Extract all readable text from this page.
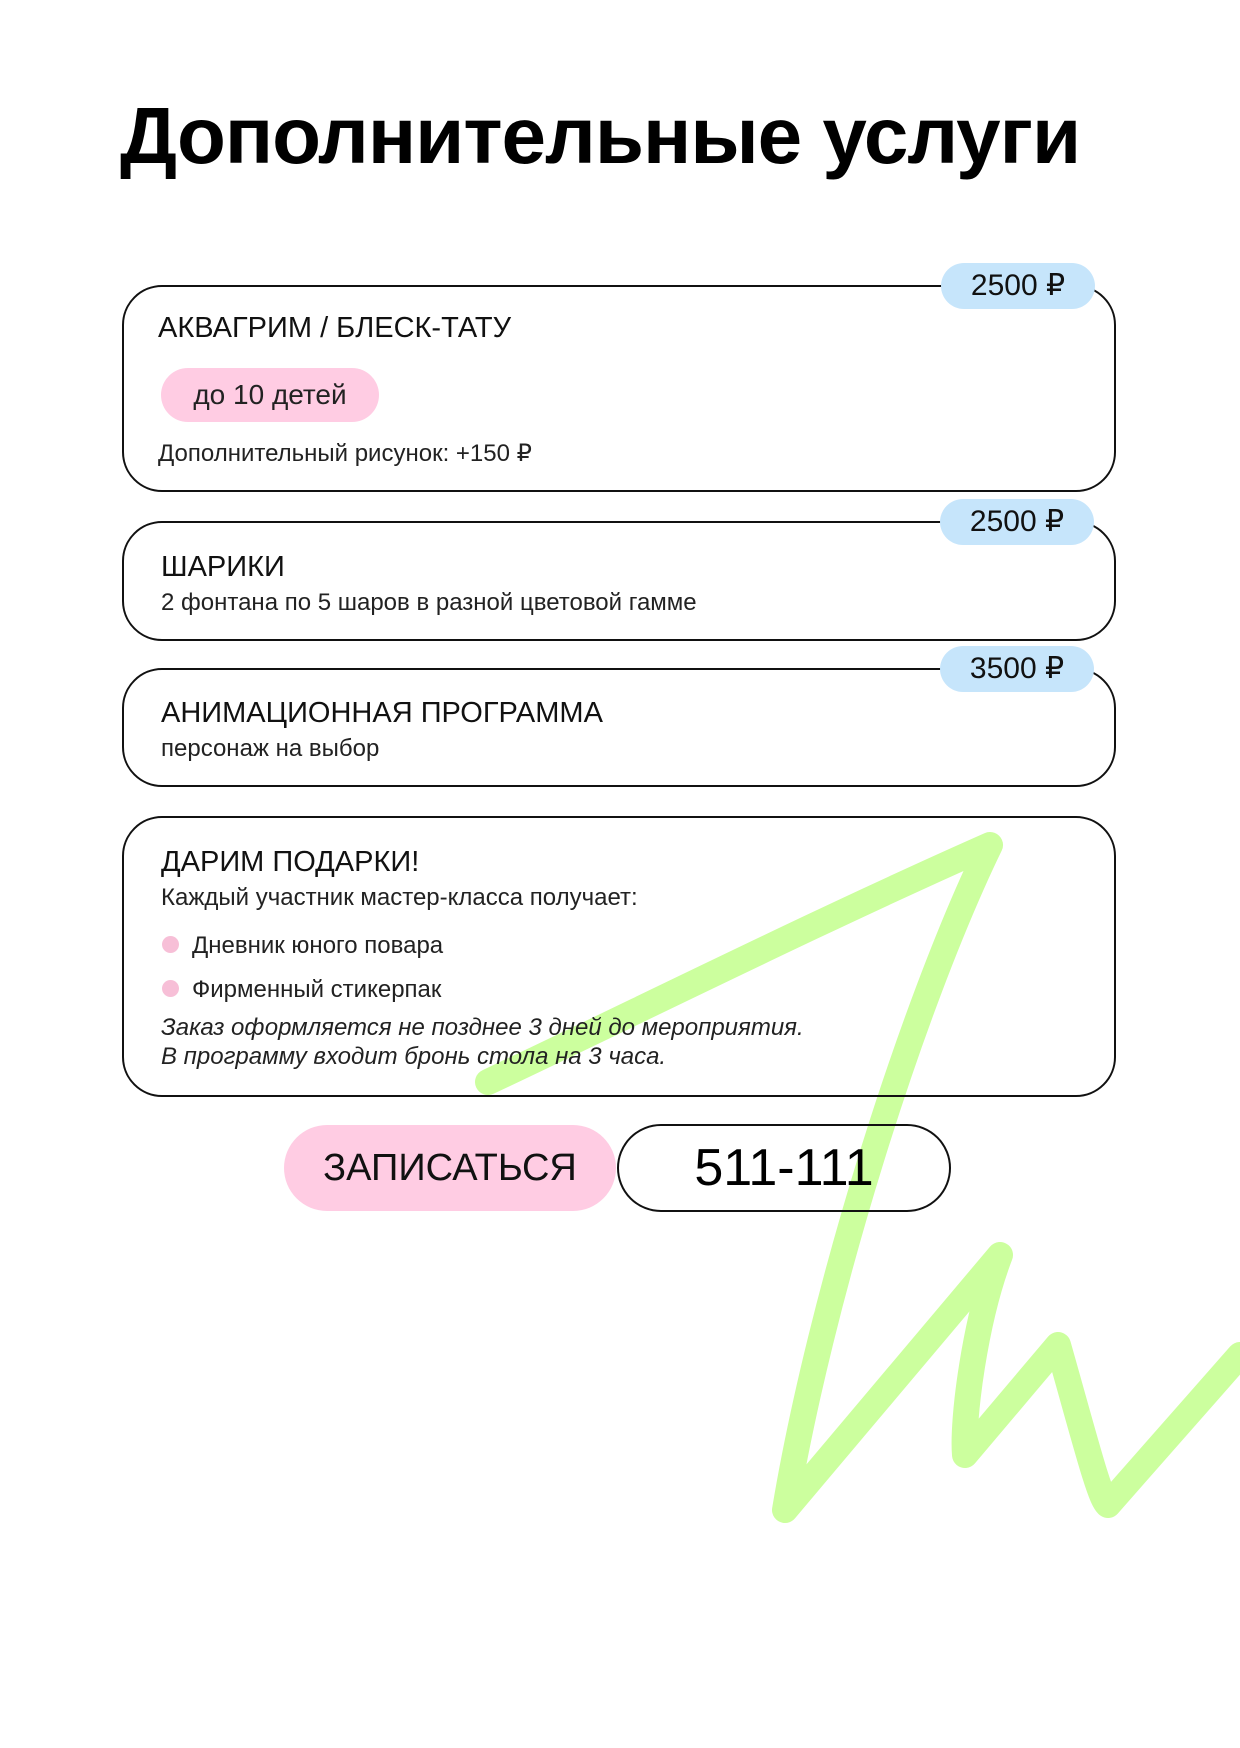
Дополнительные услуги
2500 ₽
АКВАГРИМ / БЛЕСК-ТАТУ
до 10 детей
Дополнительный рисунок: +150 ₽
2500 ₽
ШАРИКИ
2 фонтана по 5 шаров в разной цветовой гамме
3500 ₽
АНИМАЦИОННАЯ ПРОГРАММА
персонаж на выбор
ДАРИМ ПОДАРКИ!
Каждый участник мастер-класса получает:
Дневник юного повара
Фирменный стикерпак
Заказ оформляется не позднее 3 дней до мероприятия.
В программу входит бронь стола на 3 часа.
ЗАПИСАТЬСЯ	511-111
